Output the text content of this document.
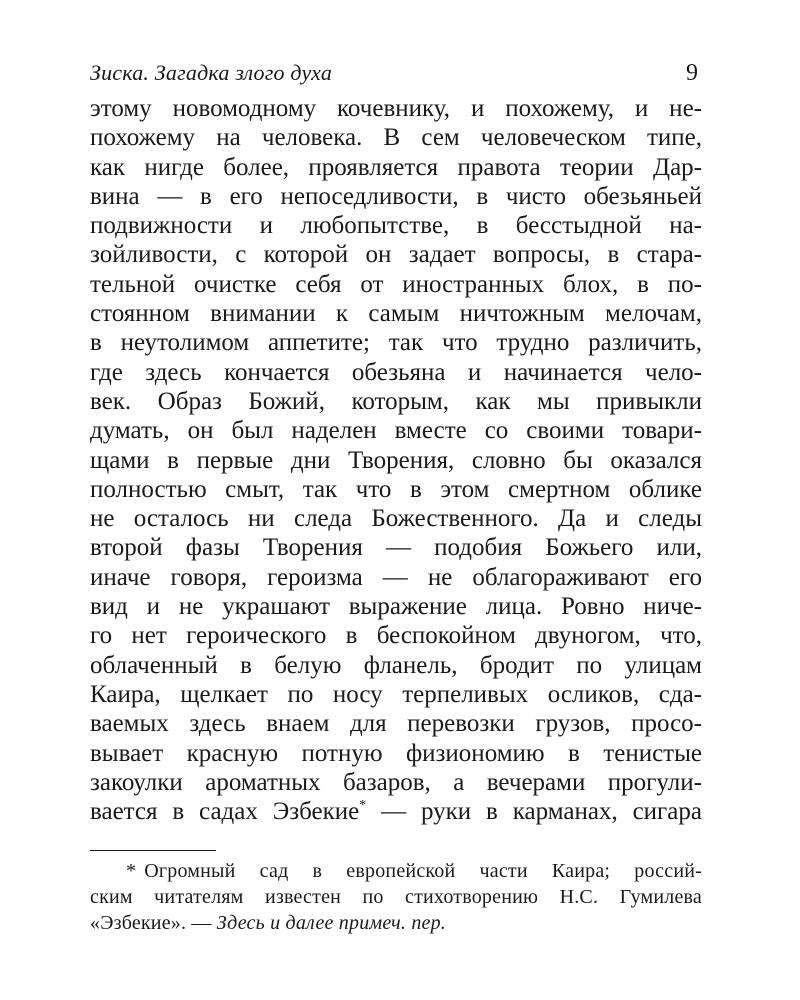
Зиска. Загадка злого духа	9
этому новомодному кочевнику, и похожему, и не-
похожему на человека. В сем человеческом типе,
как нигде более, проявляется правота теории Дар-
вина — в его непоседливости, в чисто обезьяньей
подвижности и любопытстве, в бесстыдной на-
зойливости, с которой он задает вопросы, в стара-
тельной очистке себя от иностранных блох, в по-
стоянном внимании к самым ничтожным мелочам,
в неутолимом аппетите; так что трудно различить,
где здесь кончается обезьяна и начинается чело-
век. Образ Божий, которым, как мы привыкли
думать, он был наделен вместе со своими товари-
щами в первые дни Творения, словно бы оказался
полностью смыт, так что в этом смертном облике
не осталось ни следа Божественного. Да и следы
второй фазы Творения — подобия Божьего или,
иначе говоря, героизма — не облагораживают его
вид и не украшают выражение лица. Ровно ниче-
го нет героического в беспокойном двуногом, что,
облаченный в белую фланель, бродит по улицам
Каира, щелкает по носу терпеливых осликов, сда-
ваемых здесь внаем для перевозки грузов, просо-
вывает красную потную физиономию в тенистые
закоулки ароматных базаров, а вечерами прогули-
вается в садах Эзбекие* — руки в карманах, сигара
* Огромный сад в европейской части Каира; россий-
ским читателям известен по стихотворению Н.С. Гумилева
«Эзбекие». — Здесь и далее примеч. пер.
